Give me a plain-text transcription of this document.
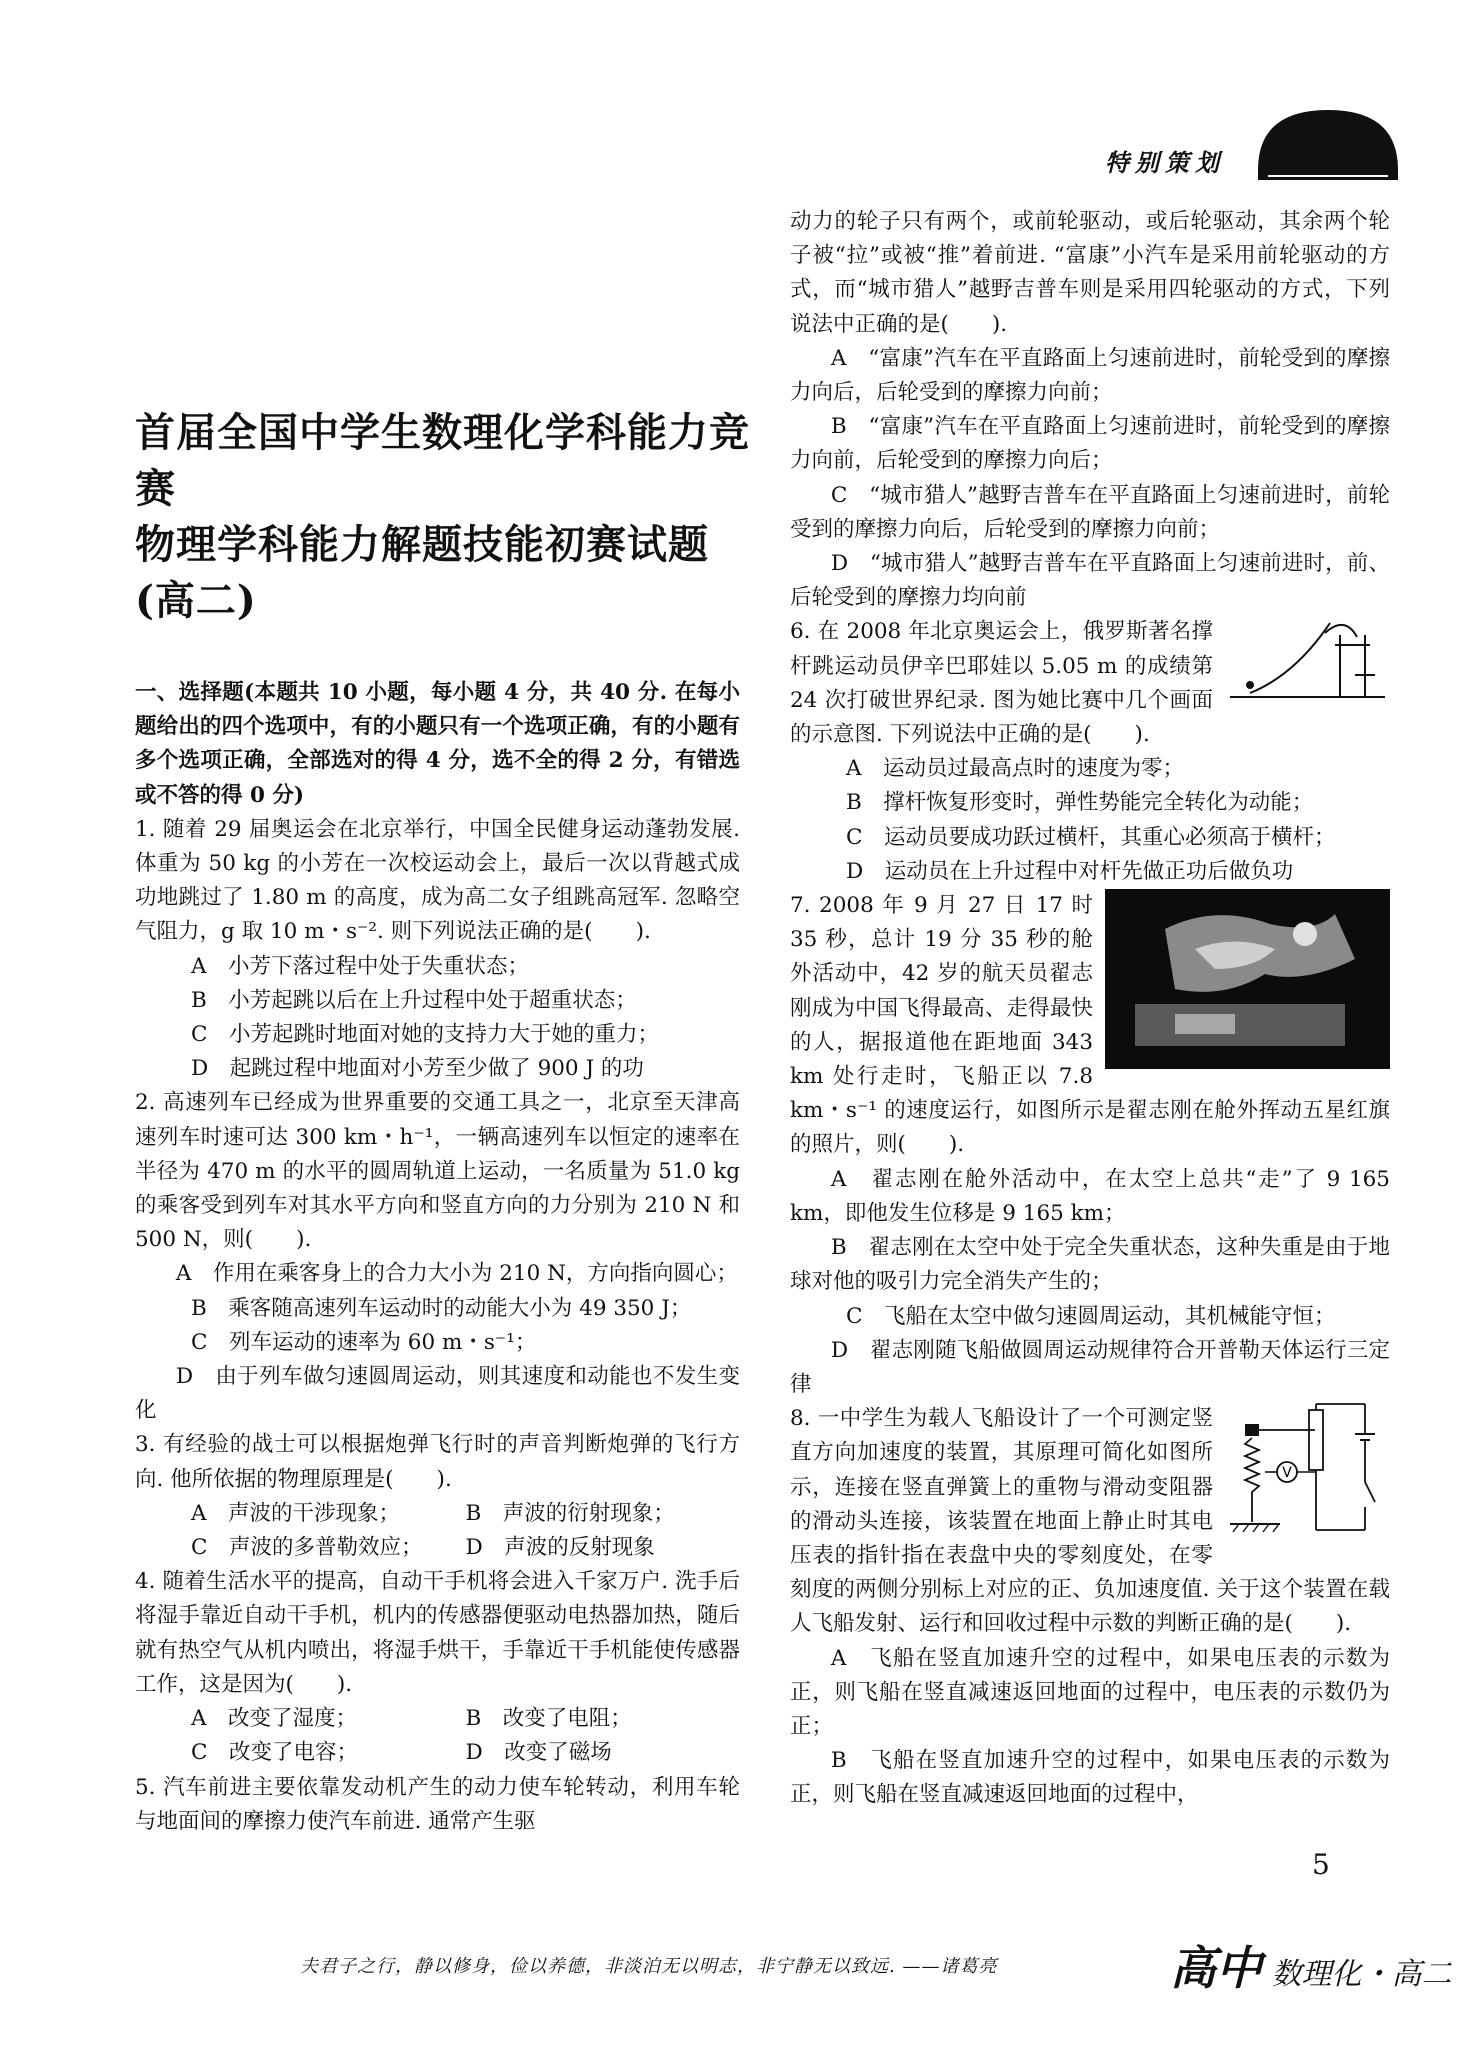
特别策划
首届全国中学生数理化学科能力竞赛
物理学科能力解题技能初赛试题(高二)

一、选择题(本题共 10 小题，每小题 4 分，共 40 分. 在每小题给出的四个选项中，有的小题只有一个选项正确，有的小题有多个选项正确，全部选对的得 4 分，选不全的得 2 分，有错选或不答的得 0 分)

1. 随着 29 届奥运会在北京举行，中国全民健身运动蓬勃发展. 体重为 50 kg 的小芳在一次校运动会上，最后一次以背越式成功地跳过了 1.80 m 的高度，成为高二女子组跳高冠军. 忽略空气阻力，g 取 10 m・s⁻². 则下列说法正确的是(　　).

A　小芳下落过程中处于失重状态；

B　小芳起跳以后在上升过程中处于超重状态；

C　小芳起跳时地面对她的支持力大于她的重力；

D　起跳过程中地面对小芳至少做了 900 J 的功

2. 高速列车已经成为世界重要的交通工具之一，北京至天津高速列车时速可达 300 km・h⁻¹，一辆高速列车以恒定的速率在半径为 470 m 的水平的圆周轨道上运动，一名质量为 51.0 kg 的乘客受到列车对其水平方向和竖直方向的力分别为 210 N 和 500 N，则(　　).

A　作用在乘客身上的合力大小为 210 N，方向指向圆心；

B　乘客随高速列车运动时的动能大小为 49 350 J；

C　列车运动的速率为 60 m・s⁻¹；

D　由于列车做匀速圆周运动，则其速度和动能也不发生变化

3. 有经验的战士可以根据炮弹飞行时的声音判断炮弹的飞行方向. 他所依据的物理原理是(　　).

A　声波的干涉现象；	B　声波的衍射现象；
C　声波的多普勒效应；	D　声波的反射现象

4. 随着生活水平的提高，自动干手机将会进入千家万户. 洗手后将湿手靠近自动干手机，机内的传感器便驱动电热器加热，随后就有热空气从机内喷出，将湿手烘干，手靠近干手机能使传感器工作，这是因为(　　).

A　改变了湿度；	B　改变了电阻；
C　改变了电容；	D　改变了磁场

5. 汽车前进主要依靠发动机产生的动力使车轮转动，利用车轮与地面间的摩擦力使汽车前进. 通常产生驱

动力的轮子只有两个，或前轮驱动，或后轮驱动，其余两个轮子被“拉”或被“推”着前进. “富康”小汽车是采用前轮驱动的方式，而“城市猎人”越野吉普车则是采用四轮驱动的方式，下列说法中正确的是(　　).

A　“富康”汽车在平直路面上匀速前进时，前轮受到的摩擦力向后，后轮受到的摩擦力向前；

B　“富康”汽车在平直路面上匀速前进时，前轮受到的摩擦力向前，后轮受到的摩擦力向后；

C　“城市猎人”越野吉普车在平直路面上匀速前进时，前轮受到的摩擦力向后，后轮受到的摩擦力向前；

D　“城市猎人”越野吉普车在平直路面上匀速前进时，前、后轮受到的摩擦力均向前

6. 在 2008 年北京奥运会上，俄罗斯著名撑杆跳运动员伊辛巴耶娃以 5.05 m 的成绩第 24 次打破世界纪录. 图为她比赛中几个画面的示意图. 下列说法中正确的是(　　).

A　运动员过最高点时的速度为零；

B　撑杆恢复形变时，弹性势能完全转化为动能；

C　运动员要成功跃过横杆，其重心必须高于横杆；

D　运动员在上升过程中对杆先做正功后做负功

7. 2008 年 9 月 27 日 17 时 35 秒，总计 19 分 35 秒的舱外活动中，42 岁的航天员翟志刚成为中国飞得最高、走得最快的人，据报道他在距地面 343 km 处行走时，飞船正以 7.8 km・s⁻¹ 的速度运行，如图所示是翟志刚在舱外挥动五星红旗的照片，则(　　).

A　翟志刚在舱外活动中，在太空上总共“走”了 9 165 km，即他发生位移是 9 165 km；

B　翟志刚在太空中处于完全失重状态，这种失重是由于地球对他的吸引力完全消失产生的；

C　飞船在太空中做匀速圆周运动，其机械能守恒；

D　翟志刚随飞船做圆周运动规律符合开普勒天体运行三定律

V

8. 一中学生为载人飞船设计了一个可测定竖直方向加速度的装置，其原理可简化如图所示，连接在竖直弹簧上的重物与滑动变阻器的滑动头连接，该装置在地面上静止时其电压表的指针指在表盘中央的零刻度处，在零刻度的两侧分别标上对应的正、负加速度值. 关于这个装置在载人飞船发射、运行和回收过程中示数的判断正确的是(　　).

A　飞船在竖直加速升空的过程中，如果电压表的示数为正，则飞船在竖直减速返回地面的过程中，电压表的示数仍为正；

B　飞船在竖直加速升空的过程中，如果电压表的示数为正，则飞船在竖直减速返回地面的过程中，

5
夫君子之行，静以修身，俭以养德，非淡泊无以明志，非宁静无以致远. ——诸葛亮	高中 数理化・高二
